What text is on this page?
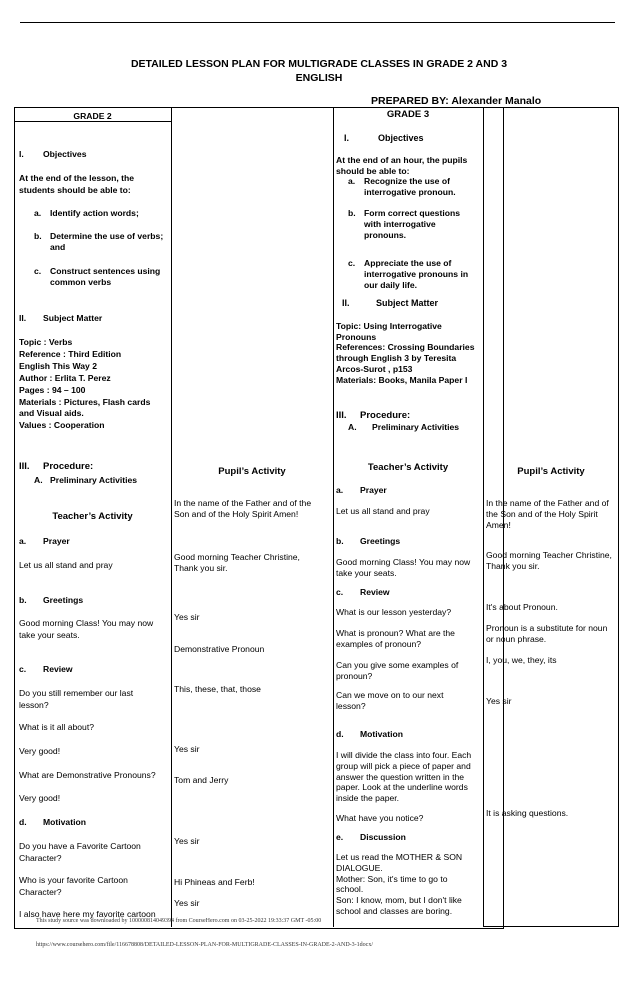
DETAILED LESSON PLAN FOR MULTIGRADE CLASSES IN GRADE 2 AND 3
ENGLISH
PREPARED BY: Alexander Manalo
GRADE 2
I. Objectives
At the end of the lesson, the
students should be able to:
a. Identify action words;
b. Determine the use of verbs;
and
c. Construct sentences using
common verbs
II. Subject Matter
Topic : Verbs
Reference : Third Edition
English This Way 2
Author : Erlita T. Perez
Pages : 94 – 100
Materials : Pictures, Flash cards
and Visual aids.
Values : Cooperation
III. Procedure:
A. Preliminary Activities
Teacher’s Activity
a. Prayer
Let us all stand and pray
b. Greetings
Good morning Class! You may now
take your seats.
c. Review
Do you still remember our last
lesson?
What is it all about?
Very good!
What are Demonstrative Pronouns?
Very good!
d. Motivation
Do you have a Favorite Cartoon
Character?
Who is your favorite Cartoon
Character?
I also have here my favorite cartoon
Pupil’s Activity
In the name of the Father and of the
Son and of the Holy Spirit Amen!
Good morning Teacher Christine,
Thank you sir.
Yes sir
Demonstrative Pronoun
This, these, that, those
Yes sir
Tom and Jerry
Yes sir
Hi Phineas and Ferb!
Yes sir
GRADE 3
I.	Objectives
At the end of an hour, the pupils
should be able to:
a. Recognize the use of
interrogative pronoun.
b. Form correct questions
with interrogative
pronouns.
c. Appreciate the use of
interrogative pronouns in
our daily life.
II.	Subject Matter
Topic: Using Interrogative
Pronouns
References: Crossing Boundaries
through English 3 by Teresita
Arcos-Surot , p153
Materials: Books, Manila Paper I
III. Procedure:
A. Preliminary Activities
Teacher’s Activity
a. Prayer
Let us all stand and pray
b. Greetings
Good morning Class! You may now
take your seats.
c. Review
What is our lesson yesterday?
What is pronoun? What are the
examples of pronoun?
Can you give some examples of
pronoun?
Can we move on to our next
lesson?
d. Motivation
I will divide the class into four. Each
group will pick a piece of paper and
answer the question written in the
paper. Look at the underline words
inside the paper.
What have you notice?
e. Discussion
Let us read the MOTHER & SON
DIALOGUE.
Mother: Son, it's time to go to
school.
Son: I know, mom, but I don't like
school and classes are boring.
Pupil’s Activity
In the name of the Father and of
the Son and of the Holy Spirit
Amen!
Good morning Teacher Christine,
Thank you sir.
It's about Pronoun.
Pronoun is a substitute for noun
or noun phrase.
I, you, we, they, its
Yes sir
It is asking questions.
This study source was downloaded by 100000814049394 from CourseHero.com on 03-25-2022 19:33:37 GMT -05:00
https://www.coursehero.com/file/116678808/DETAILED-LESSON-PLAN-FOR-MULTIGRADE-CLASSES-IN-GRADE-2-AND-3-1docx/
